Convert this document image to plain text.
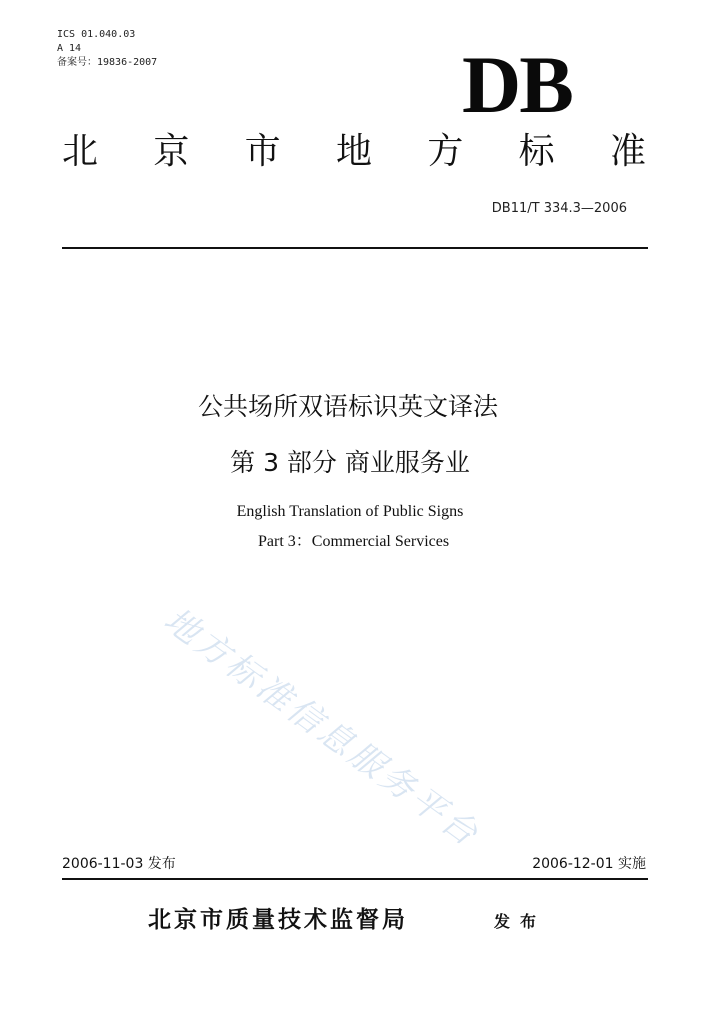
ICS 01.040.03
A 14
备案号：19836-2007	DB
北 京 市 地 方 标 准
DB11/T 334.3—2006
公共场所双语标识英文译法
第 3 部分 商业服务业
English Translation of Public Signs
Part 3：Commercial Services
地方标准信息服务平台
2006-11-03 发布	2006-12-01 实施
北京市质量技术监督局	发布
